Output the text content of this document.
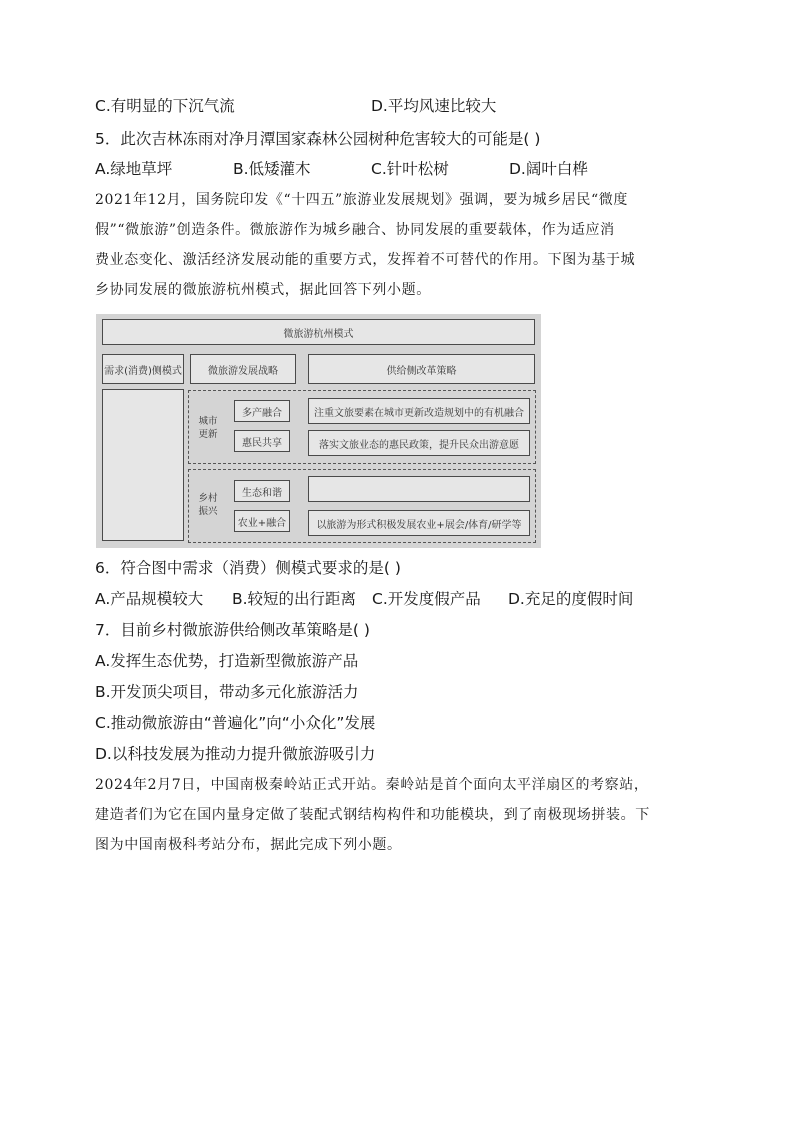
C.有明显的下沉气流	D.平均风速比较大
5．此次吉林冻雨对净月潭国家森林公园树种危害较大的可能是( )
A.绿地草坪	B.低矮灌木	C.针叶松树	D.阔叶白桦

2021年12月，国务院印发《“十四五”旅游业发展规划》强调，要为城乡居民“微度

假”“微旅游”创造条件。微旅游作为城乡融合、协同发展的重要载体，作为适应消

费业态变化、激活经济发展动能的重要方式，发挥着不可替代的作用。下图为基于城

乡协同发展的微旅游杭州模式，据此回答下列小题。

微旅游杭州模式
需求(消费)侧模式	微旅游发展战略	供给侧改革策略
城市
更新
多产融合
惠民共享
注重文旅要素在城市更新改造规划中的有机融合
落实文旅业态的惠民政策，提升民众出游意愿
乡村
振兴
生态和谐
农业+融合	以旅游为形式积极发展农业+展会/体育/研学等
6．符合图中需求（消费）侧模式要求的是( )
A.产品规模较大 B.较短的出行距离 C.开发度假产品 D.充足的度假时间
7．目前乡村微旅游供给侧改革策略是( )
A.发挥生态优势，打造新型微旅游产品
B.开发顶尖项目，带动多元化旅游活力
C.推动微旅游由“普遍化”向“小众化”发展
D.以科技发展为推动力提升微旅游吸引力

2024年2月7日，中国南极秦岭站正式开站。秦岭站是首个面向太平洋扇区的考察站，

建造者们为它在国内量身定做了装配式钢结构构件和功能模块，到了南极现场拼装。下

图为中国南极科考站分布，据此完成下列小题。
